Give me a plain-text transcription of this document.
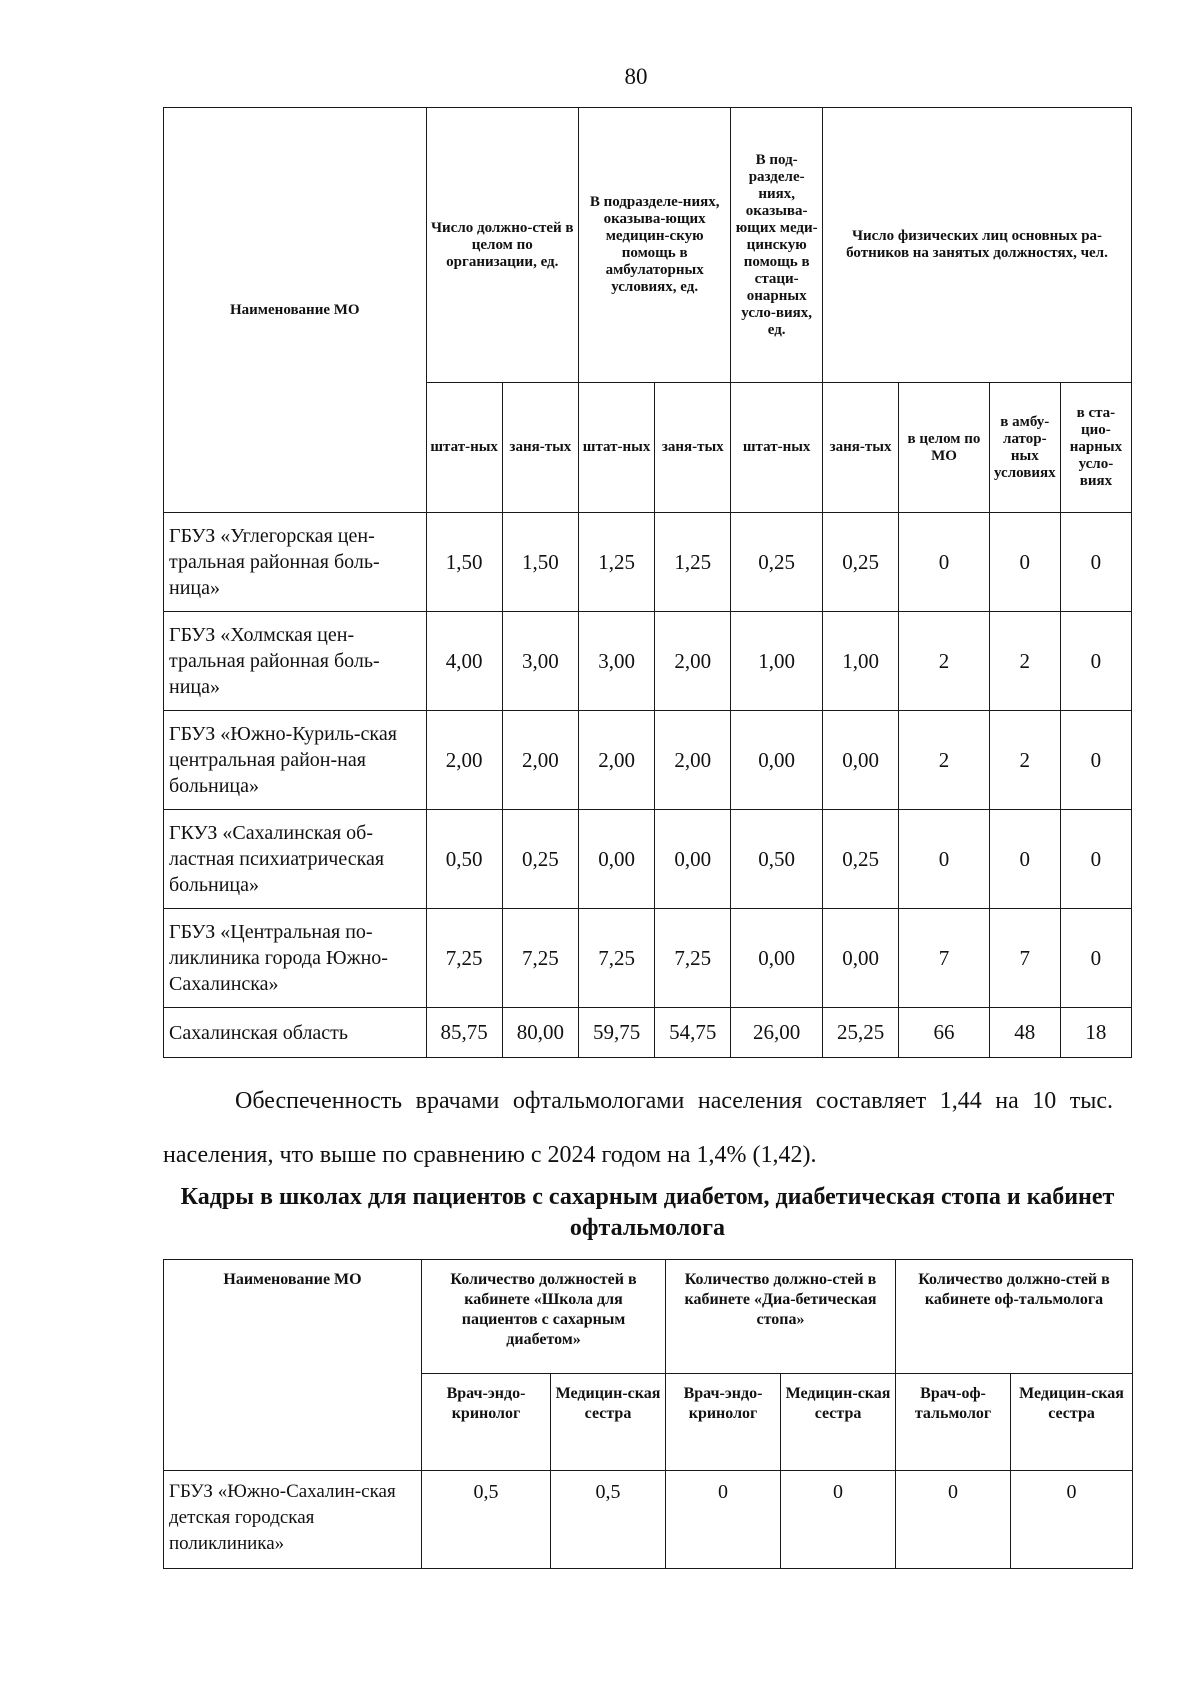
80
Наименование МО	Число должно-стей в целом по организации, ед.		В подразделе-ниях, оказыва-ющих медицин-скую помощь в амбулаторных условиях, ед.		В под-разделе-ниях, оказыва-ющих меди-цинскую помощь в стаци-онарных усло-виях, ед.	Число физических лиц основных ра-ботников на занятых должностях, чел.			
	штат-ных	заня-тых	штат-ных	заня-тых	штат-ных	заня-тых	в целом по МО	в амбу-латор-ных условиях	в ста-цио-нарных усло-виях
ГБУЗ «Углегорская цен-тральная районная боль-ница»	1,50	1,50	1,25	1,25	0,25	0,25	0	0	0
ГБУЗ «Холмская цен-тральная районная боль-ница»	4,00	3,00	3,00	2,00	1,00	1,00	2	2	0
ГБУЗ «Южно-Куриль-ская центральная район-ная больница»	2,00	2,00	2,00	2,00	0,00	0,00	2	2	0
ГКУЗ «Сахалинская об-ластная психиатрическая больница»	0,50	0,25	0,00	0,00	0,50	0,25	0	0	0
ГБУЗ «Центральная по-ликлиника города Южно-Сахалинска»	7,25	7,25	7,25	7,25	0,00	0,00	7	7	0
Сахалинская область	85,75	80,00	59,75	54,75	26,00	25,25	66	48	18
Обеспеченность врачами офтальмологами населения составляет 1,44 на 10 тыс. населения, что выше по сравнению с 2024 годом на 1,4% (1,42).
Кадры в школах для пациентов с сахарным диабетом, диабетическая стопа и кабинет офтальмолога
Наименование МО	Количество должностей в кабинете «Школа для пациентов с сахарным диабетом»		Количество должно-стей в кабинете «Диа-бетическая стопа»		Количество должно-стей в кабинете оф-тальмолога	
	Врач-эндо-кринолог	Медицин-ская сестра	Врач-эндо-кринолог	Медицин-ская сестра	Врач-оф-тальмолог	Медицин-ская сестра
ГБУЗ «Южно-Сахалин-ская детская городская поликлиника»	0,5	0,5	0	0	0	0
